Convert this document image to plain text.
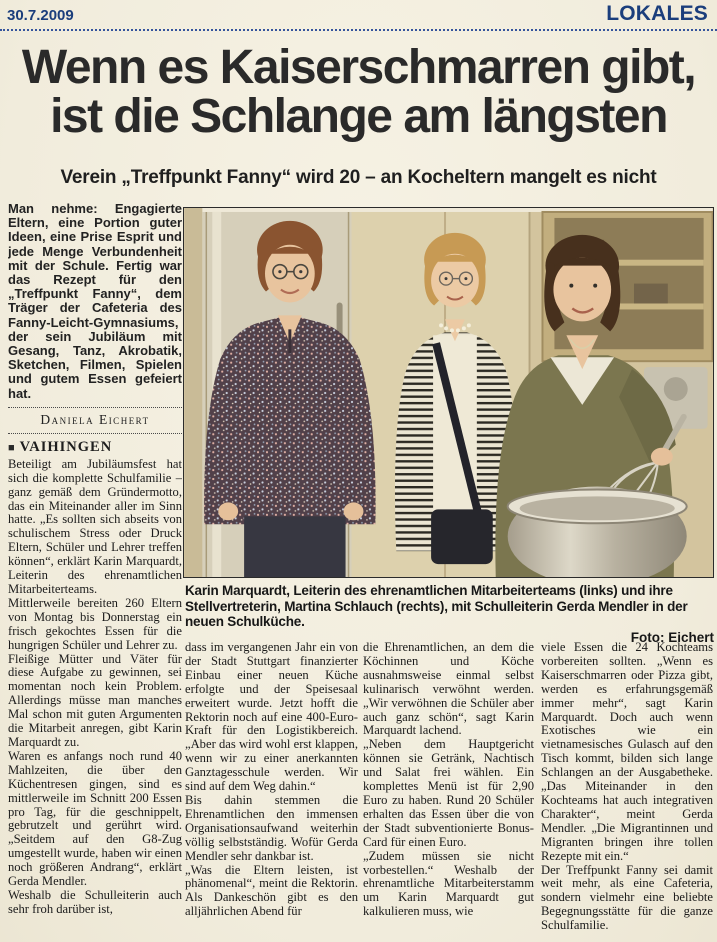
30.7.2009	LOKALES
Wenn es Kaiserschmarren gibt,
ist die Schlange am längsten
Verein „Treffpunkt Fanny“ wird 20 – an Kocheltern mangelt es nicht

Man nehme: Engagierte Eltern, eine Portion guter Ideen, eine Prise Esprit und jede Menge Verbundenheit mit der Schule. Fertig war das Rezept für den „Treffpunkt Fanny“, dem Träger der Cafeteria des Fanny-Leicht-Gymnasiums, der sein Jubiläum mit Gesang, Tanz, Akrobatik, Sketchen, Filmen, Spielen und gutem Essen gefeiert hat.

Daniela Eichert
■ VAIHINGEN

Beteiligt am Jubiläumsfest hat sich die komplette Schulfamilie – ganz gemäß dem Gründermotto, das ein Miteinander aller im Sinn hatte. „Es sollten sich abseits von schulischem Stress oder Druck Eltern, Schüler und Lehrer treffen können“, erklärt Karin Marquardt, Leiterin des ehrenamtlichen Mitarbeiterteams.

Mittlerweile bereiten 260 Eltern von Montag bis Donnerstag ein frisch gekochtes Essen für die hungrigen Schüler und Lehrer zu.

Fleißige Mütter und Väter für diese Aufgabe zu gewinnen, sei momentan noch kein Problem. Allerdings müsse man manches Mal schon mit guten Argumenten die Mitarbeit anregen, gibt Karin Marquardt zu.

Waren es anfangs noch rund 40 Mahlzeiten, die über den Küchentresen gingen, sind es mittlerweile im Schnitt 200 Essen pro Tag, für die geschnippelt, gebrutzelt und gerührt wird. „Seitdem auf den G8-Zug umgestellt wurde, haben wir einen noch größeren Andrang“, erklärt Gerda Mendler.

Weshalb die Schulleiterin auch sehr froh darüber ist,

Karin Marquardt, Leiterin des ehrenamtlichen Mitarbeiterteams (links) und ihre Stellvertreterin, Martina Schlauch (rechts), mit Schulleiterin Gerda Mendler in der neuen Schulküche.
Foto: Eichert

dass im vergangenen Jahr ein von der Stadt Stuttgart finanzierter Einbau einer neuen Küche erfolgte und der Speisesaal erweitert wurde. Jetzt hofft die Rektorin noch auf eine 400-Euro-Kraft für den Logistikbereich. „Aber das wird wohl erst klappen, wenn wir zu einer anerkannten Ganztagesschule werden. Wir sind auf dem Weg dahin.“

Bis dahin stemmen die Ehrenamtlichen den immensen Organisationsaufwand weiterhin völlig selbstständig. Wofür Gerda Mendler sehr dankbar ist.

„Was die Eltern leisten, ist phänomenal“, meint die Rektorin. Als Dankeschön gibt es den alljährlichen Abend für

die Ehrenamtlichen, an dem die Köchinnen und Köche ausnahmsweise einmal selbst kulinarisch verwöhnt werden. „Wir verwöhnen die Schüler aber auch ganz schön“, sagt Karin Marquardt lachend.

„Neben dem Hauptgericht können sie Getränk, Nachtisch und Salat frei wählen. Ein komplettes Menü ist für 2,90 Euro zu haben. Rund 20 Schüler erhalten das Essen über die von der Stadt subventionierte Bonus-Card für einen Euro.

„Zudem müssen sie nicht vorbestellen.“ Weshalb der ehrenamtliche Mitarbeiterstamm um Karin Marquardt gut kalkulieren muss, wie

viele Essen die 24 Kochteams vorbereiten sollten. „Wenn es Kaiserschmarren oder Pizza gibt, werden es erfahrungsgemäß immer mehr“, sagt Karin Marquardt. Doch auch wenn Exotisches wie ein vietnamesisches Gulasch auf den Tisch kommt, bilden sich lange Schlangen an der Ausgabetheke. „Das Miteinander in den Kochteams hat auch integrativen Charakter“, meint Gerda Mendler. „Die Migrantinnen und Migranten bringen ihre tollen Rezepte mit ein.“

Der Treffpunkt Fanny sei damit weit mehr, als eine Cafeteria, sondern vielmehr eine beliebte Begegnungsstätte für die ganze Schulfamilie.
